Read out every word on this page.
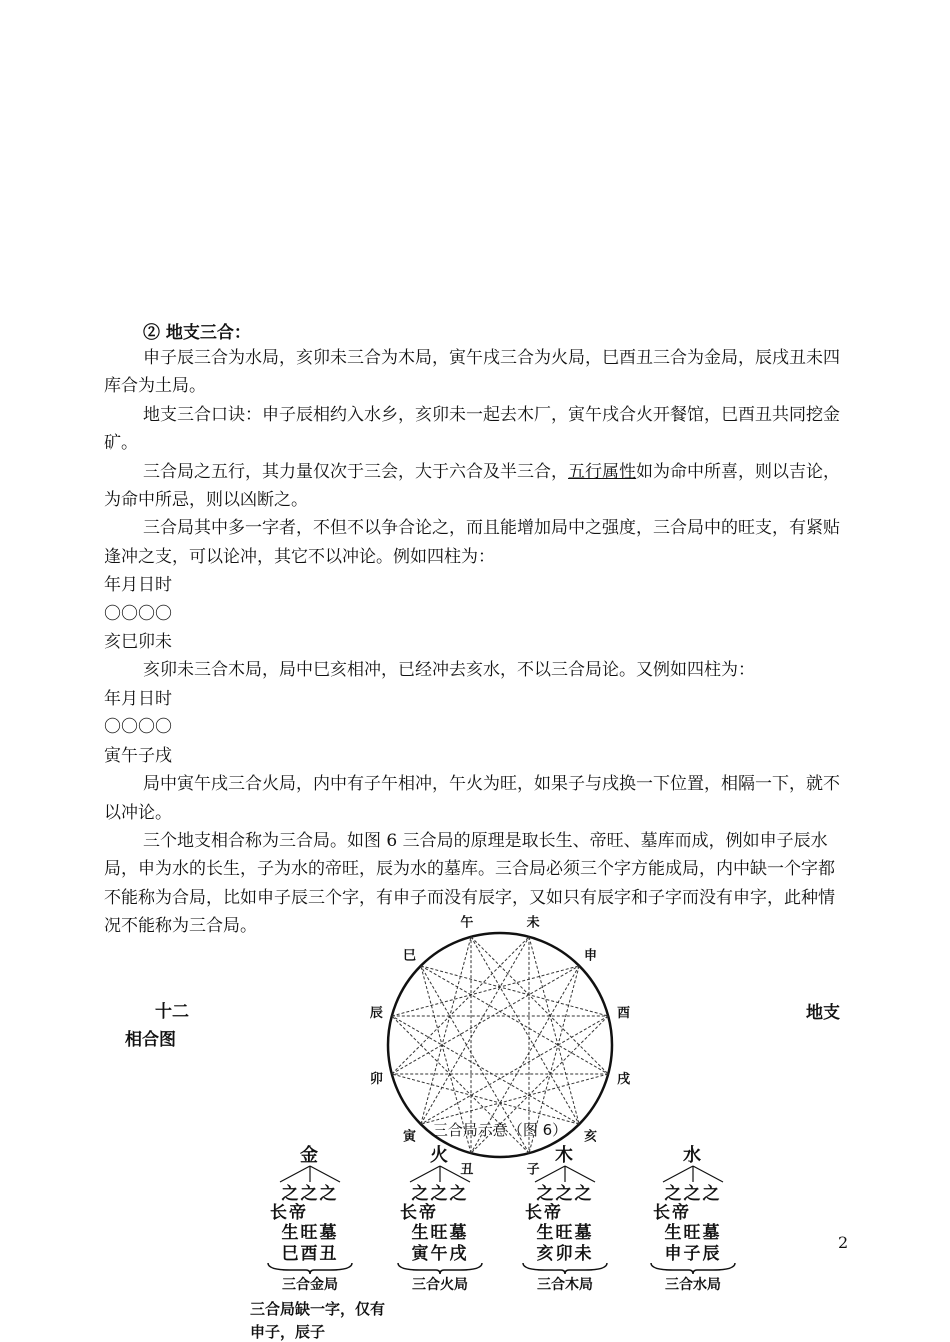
② 地支三合：

申子辰三合为水局，亥卯未三合为木局，寅午戌三合为火局，巳酉丑三合为金局，辰戌丑未四库合为土局。

地支三合口诀：申子辰相约入水乡，亥卯未一起去木厂，寅午戌合火开餐馆，巳酉丑共同挖金矿。

三合局之五行，其力量仅次于三会，大于六合及半三合，五行属性如为命中所喜，则以吉论，为命中所忌，则以凶断之。

三合局其中多一字者，不但不以争合论之，而且能增加局中之强度，三合局中的旺支，有紧贴逢冲之支，可以论冲，其它不以冲论。例如四柱为：

年月日时

〇〇〇〇

亥巳卯未

亥卯未三合木局，局中巳亥相冲，已经冲去亥水，不以三合局论。又例如四柱为：

年月日时

〇〇〇〇

寅午子戌

局中寅午戌三合火局，内中有子午相冲，午火为旺，如果子与戌换一下位置，相隔一下，就不以冲论。

三个地支相合称为三合局。如图 6 三合局的原理是取长生、帝旺、墓库而成，例如申子辰水局，申为水的长生，子为水的帝旺，辰为水的墓库。三合局必须三个字方能成局，内中缺一个字都不能称为合局，比如申子辰三个字，有申子而没有辰字，又如只有辰字和子字而没有申字，此种情况不能称为三合局。

十二
相合图
地支
午	未
申
酉
戌
亥
子
丑
寅
卯
辰
巳
三合局示意（图 6）
金
之之之
长帝
生旺墓
巳酉丑
三合金局
火
之之之
长帝
生旺墓
寅午戌
三合火局
木
之之之
长帝
生旺墓
亥卯未
三合木局
水
之之之
长帝
生旺墓
申子辰
三合水局
三合局缺一字，仅有
申子，辰子
2
